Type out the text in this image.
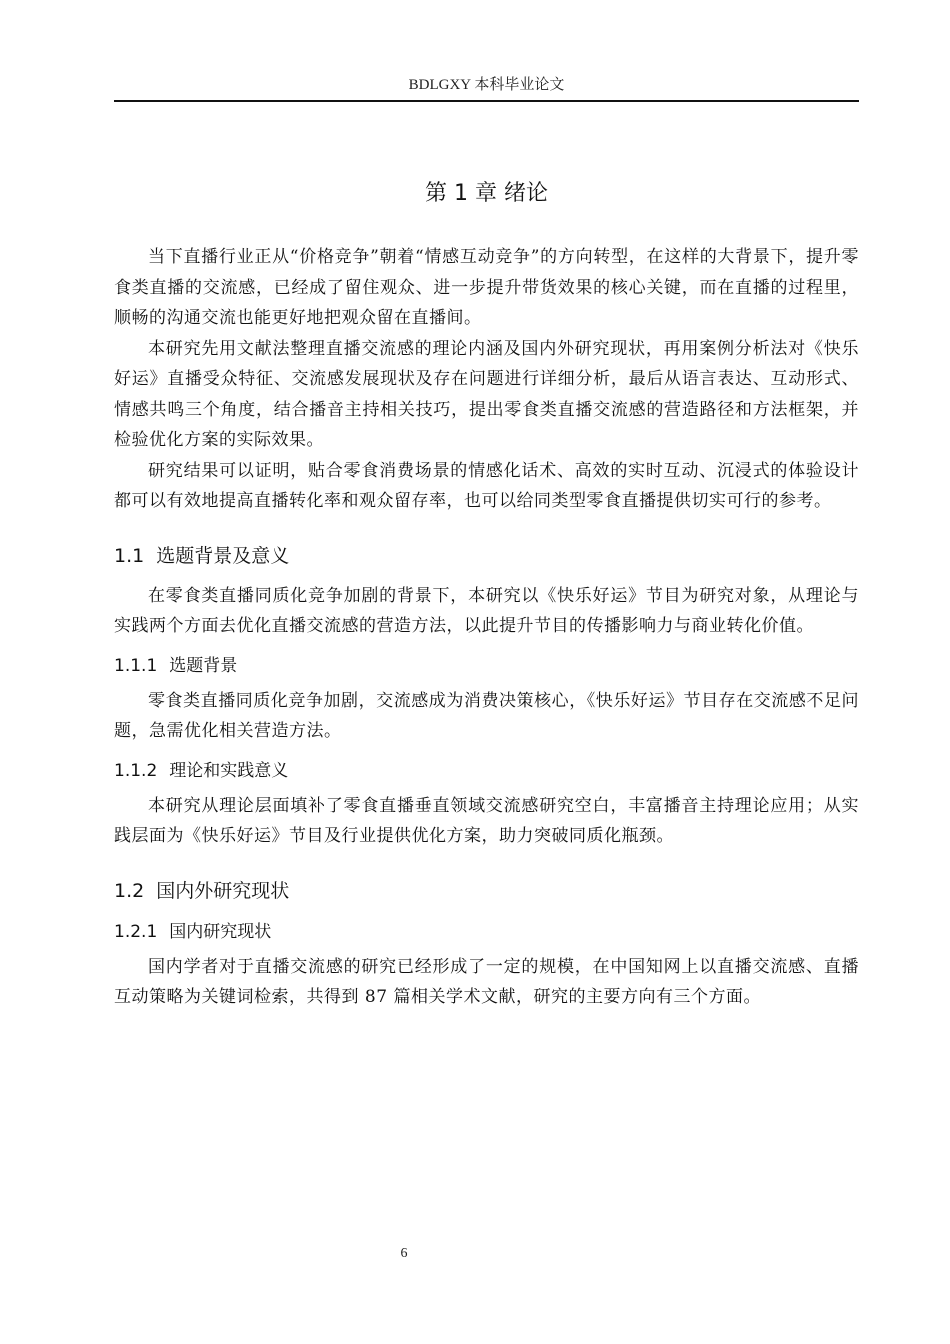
BDLGXY 本科毕业论文
第 1 章 绪论

当下直播行业正从“价格竞争”朝着“情感互动竞争”的方向转型，在这样的大背景下，提升零食类直播的交流感，已经成了留住观众、进一步提升带货效果的核心关键，而在直播的过程里，顺畅的沟通交流也能更好地把观众留在直播间。

本研究先用文献法整理直播交流感的理论内涵及国内外研究现状，再用案例分析法对《快乐好运》直播受众特征、交流感发展现状及存在问题进行详细分析，最后从语言表达、互动形式、情感共鸣三个角度，结合播音主持相关技巧，提出零食类直播交流感的营造路径和方法框架，并检验优化方案的实际效果。

研究结果可以证明，贴合零食消费场景的情感化话术、高效的实时互动、沉浸式的体验设计都可以有效地提高直播转化率和观众留存率，也可以给同类型零食直播提供切实可行的参考。

1.1 选题背景及意义

在零食类直播同质化竞争加剧的背景下，本研究以《快乐好运》节目为研究对象，从理论与实践两个方面去优化直播交流感的营造方法，以此提升节目的传播影响力与商业转化价值。

1.1.1 选题背景

零食类直播同质化竞争加剧，交流感成为消费决策核心，《快乐好运》节目存在交流感不足问题，急需优化相关营造方法。

1.1.2 理论和实践意义

本研究从理论层面填补了零食直播垂直领域交流感研究空白，丰富播音主持理论应用；从实践层面为《快乐好运》节目及行业提供优化方案，助力突破同质化瓶颈。

1.2 国内外研究现状
1.2.1 国内研究现状

国内学者对于直播交流感的研究已经形成了一定的规模，在中国知网上以直播交流感、直播互动策略为关键词检索，共得到 87 篇相关学术文献，研究的主要方向有三个方面。

6
